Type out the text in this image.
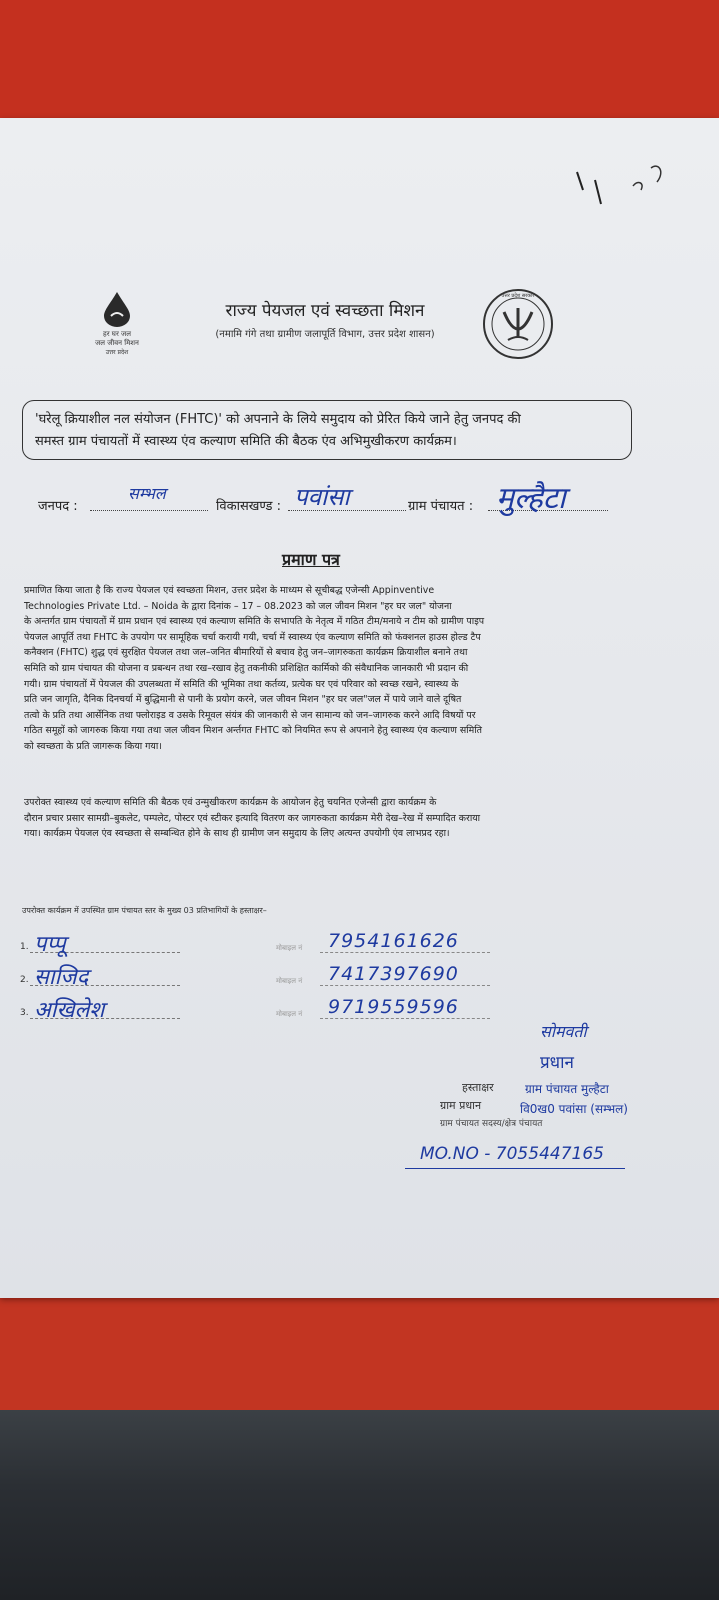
हर घर जल
जल जीवन मिशन
उत्तर प्रदेश
राज्य पेयजल एवं स्वच्छता मिशन
(नमामि गंगे तथा ग्रामीण जलापूर्ति विभाग, उत्तर प्रदेश शासन)
उत्तर प्रदेश सरकार
'घरेलू क्रियाशील नल संयोजन (FHTC)' को अपनाने के लिये समुदाय को प्रेरित किये जाने हेतु जनपद की
समस्त ग्राम पंचायतों में स्वास्थ्य एंव कल्याण समिति की बैठक एंव अभिमुखीकरण कार्यक्रम।
जनपद :
सम्भल
विकासखण्ड : पवांसा	ग्राम पंचायत : मुल्हैटा
प्रमाण पत्र
प्रमाणित किया जाता है कि राज्य पेयजल एवं स्वच्छता मिशन, उत्तर प्रदेश के माध्यम से सूचीबद्ध एजेन्सी Appinventive
Technologies Private Ltd. – Noida के द्वारा दिनांक – 17 – 08.2023 को जल जीवन मिशन "हर घर जल" योजना
के अन्तर्गत ग्राम पंचायतों में ग्राम प्रधान एवं स्वास्थ्य एवं कल्याण समिति के सभापति के नेतृत्व में गठित टीम/मनाये न टीम को ग्रामीण पाइप
पेयजल आपूर्ति तथा FHTC के उपयोग पर सामूहिक चर्चा करायी गयी, चर्चा में स्वास्थ्य एंव कल्याण समिति को फंक्शनल हाउस होल्ड टैप
कनैक्शन (FHTC) शुद्ध एवं सुरक्षित पेयजल तथा जल–जनित बीमारियों से बचाव हेतु जन–जागरुकता कार्यक्रम क्रियाशील बनाने तथा
समिति को ग्राम पंचायत की योजना व प्रबन्धन तथा रख–रखाव हेतु तकनीकी प्रशिक्षित कार्मिको की संवैधानिक जानकारी भी प्रदान की
गयी। ग्राम पंचायतों में पेयजल की उपलब्धता में समिति की भूमिका तथा कर्तव्य, प्रत्येक घर एवं परिवार को स्वच्छ रखने, स्वास्थ्य के
प्रति जन जागृति, दैनिक दिनचर्या में बुद्धिमानी से पानी के प्रयोग करने, जल जीवन मिशन "हर घर जल"जल में पाये जाने वाले दूषित
तत्वो के प्रति तथा आर्सेनिक तथा फ्लोराइड व उसके रिमूवल संयंत्र की जानकारी से जन सामान्य को जन–जागरुक करने आदि विषयों पर
गठित समूहों को जागरुक किया गया तथा जल जीवन मिशन अर्न्तगत FHTC को नियमित रूप से अपनाने हेतु स्वास्थ्य एंव कल्याण समिति
को स्वच्छता के प्रति जागरूक किया गया।
उपरोक्त स्वास्थ्य एवं कल्याण समिति की बैठक एवं उन्मुखीकरण कार्यक्रम के आयोजन हेतु चयनित एजेन्सी द्वारा कार्यक्रम के
दौरान प्रचार प्रसार सामग्री–बुकलेट, पम्पलेट, पोस्टर एवं स्टीकर इत्यादि वितरण कर जागरुकता कार्यक्रम मेरी देख–रेख में सम्पादित कराया
गया। कार्यक्रम पेयजल एंव स्वच्छता से सम्बन्धित होने के साथ ही ग्रामीण जन समुदाय के लिए अत्यन्त उपयोगी एंव लाभप्रद रहा।
उपरोक्त कार्यक्रम में उपस्थित ग्राम पंचायत स्तर के मुख्य 03 प्रतिभागियों के हस्ताक्षर–
1. पप्पू	मोबाइल नं 7954161626
2. साजिद	मोबाइल नं 7417397690
3. अखिलेश	मोबाइल नं 9719559596
सोमवती
प्रधान
हस्ताक्षर
ग्राम प्रधान
ग्राम पंचायत सदस्य/क्षेत्र पंचायत
ग्राम पंचायत मुल्हैटा
वि0ख0 पवांसा (सम्भल)
MO.NO - 7055447165
